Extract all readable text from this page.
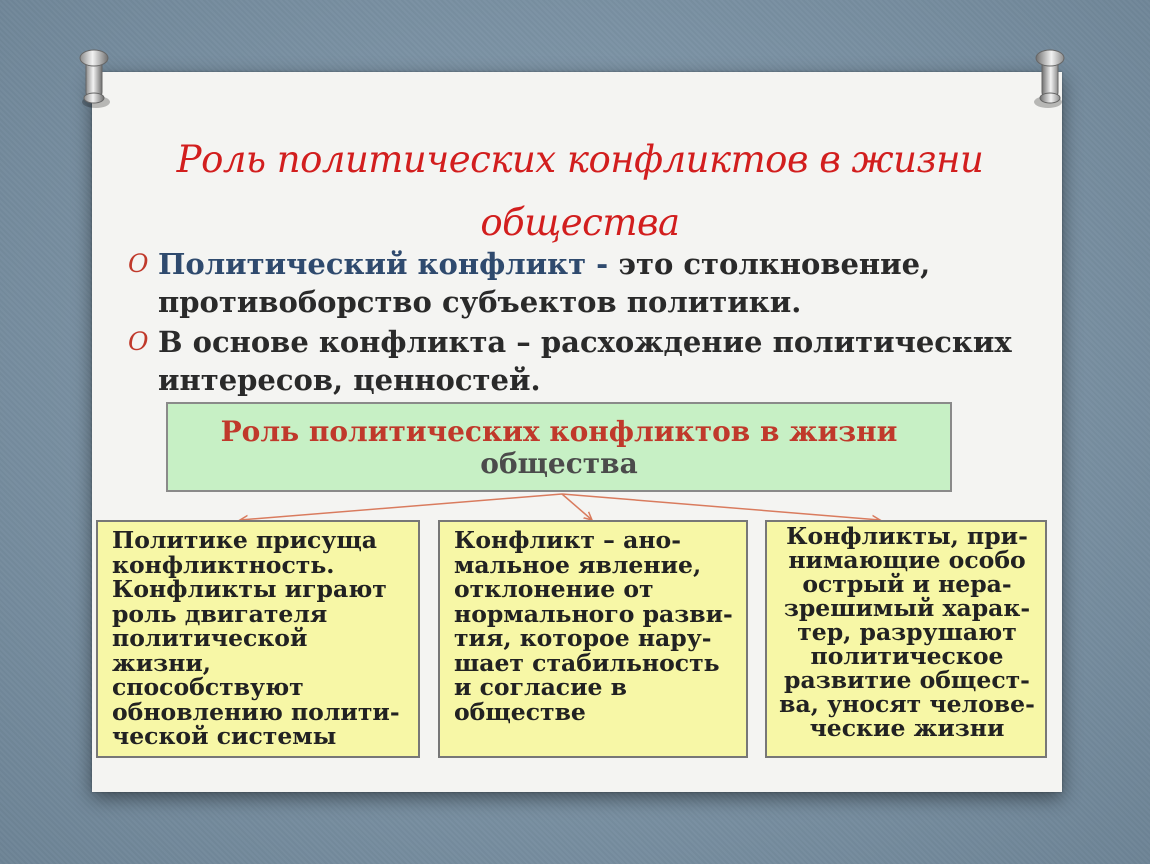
Роль политических конфликтов в жизни
общества
O Политический конфликт - это столкновение, противоборство субъектов политики.
O В основе конфликта – расхождение политических интересов, ценностей.
Роль политических конфликтов в жизни
общества
Политике присуща
конфликтность.
Конфликты играют
роль двигателя
политической
жизни,
способствуют
обновлению полити-
ческой системы
Конфликт – ано-
мальное явление,
отклонение от
нормального разви-
тия, которое нару-
шает стабильность
и согласие в
обществе
Конфликты, при-
нимающие особо
острый и нера-
зрешимый харак-
тер, разрушают
политическое
развитие общест-
ва, уносят челове-
ческие жизни
